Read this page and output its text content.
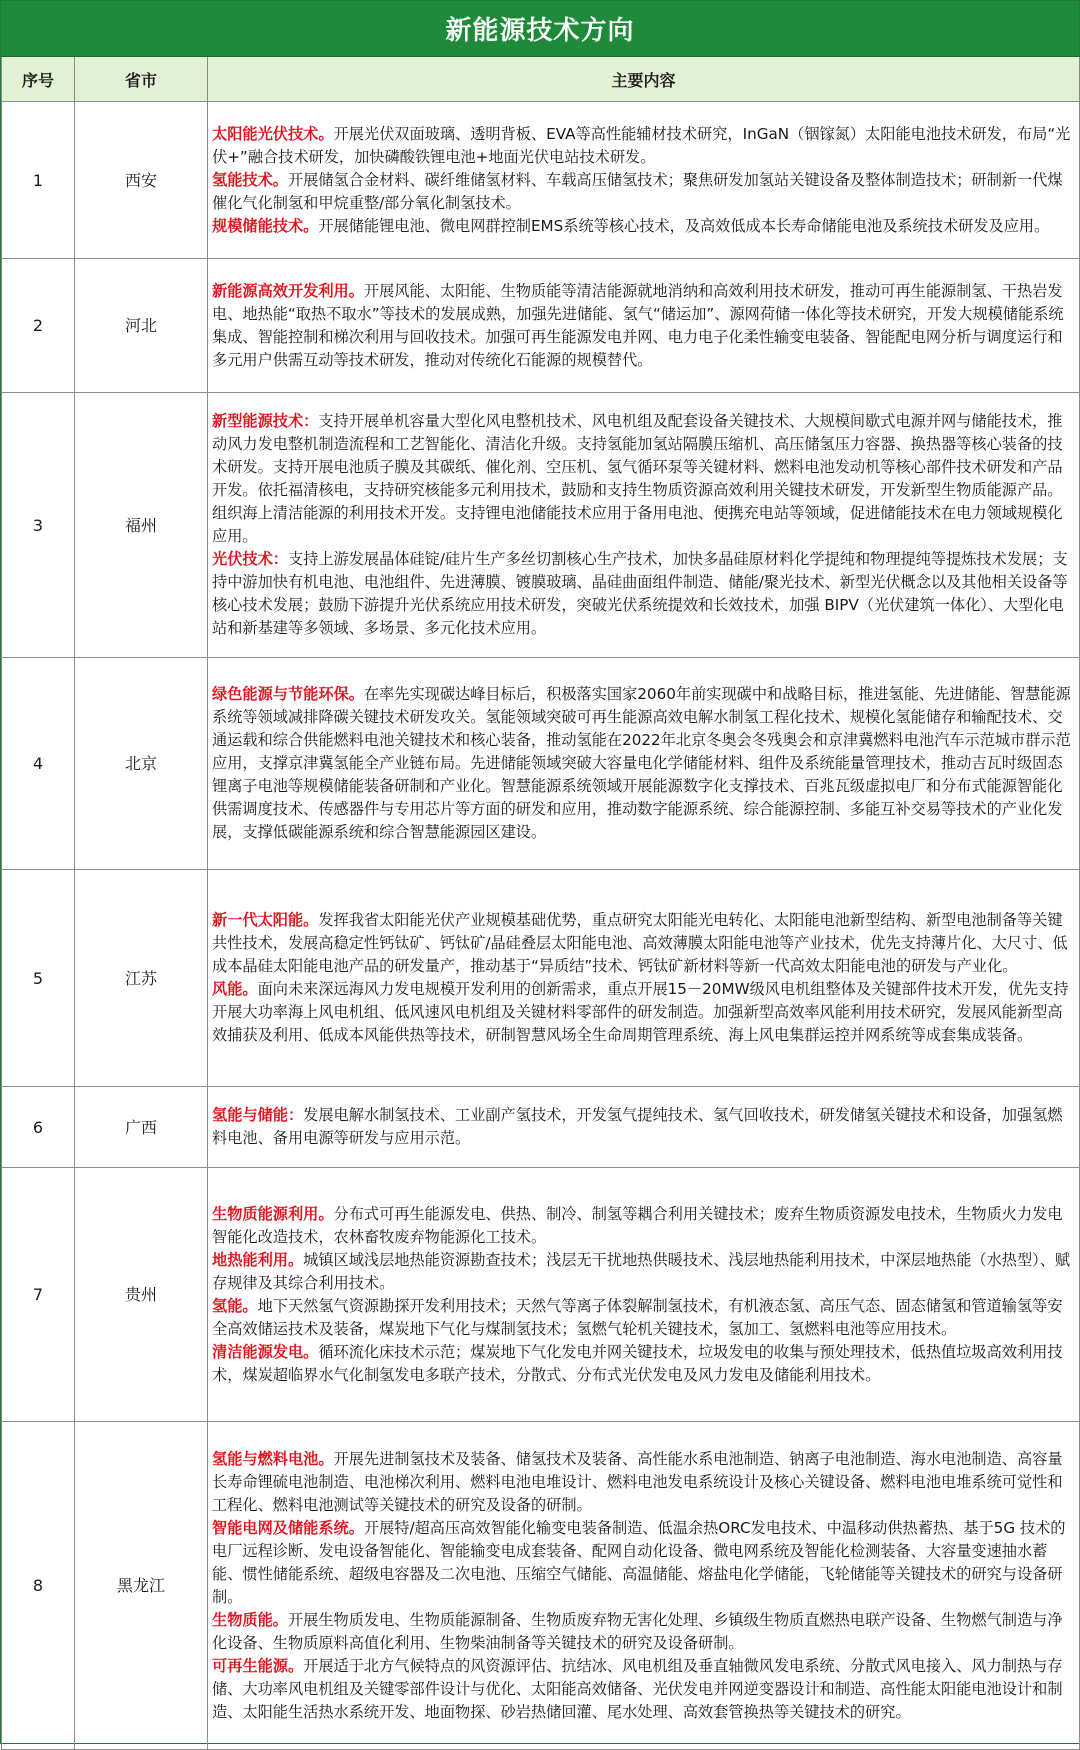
新能源技术方向
序号	省市	主要内容
1	西安	太阳能光伏技术。开展光伏双面玻璃、透明背板、EVA等高性能辅材技术研究，InGaN（铟镓氮）太阳能电池技术研发，布局“光伏+”融合技术研发，加快磷酸铁锂电池+地面光伏电站技术研发。

氢能技术。开展储氢合金材料、碳纤维储氢材料、车载高压储氢技术；聚焦研发加氢站关键设备及整体制造技术；研制新一代煤催化气化制氢和甲烷重整/部分氧化制氢技术。

规模储能技术。开展储能锂电池、微电网群控制EMS系统等核心技术，及高效低成本长寿命储能电池及系统技术研发及应用。

2	河北	新能源高效开发利用。开展风能、太阳能、生物质能等清洁能源就地消纳和高效利用技术研发，推动可再生能源制氢、干热岩发电、地热能“取热不取水”等技术的发展成熟，加强先进储能、氢气“储运加”、源网荷储一体化等技术研究，开发大规模储能系统集成、智能控制和梯次利用与回收技术。加强可再生能源发电并网、电力电子化柔性输变电装备、智能配电网分析与调度运行和多元用户供需互动等技术研发，推动对传统化石能源的规模替代。

3	福州	新型能源技术：支持开展单机容量大型化风电整机技术、风电机组及配套设备关键技术、大规模间歇式电源并网与储能技术，推动风力发电整机制造流程和工艺智能化、清洁化升级。支持氢能加氢站隔膜压缩机、高压储氢压力容器、换热器等核心装备的技术研发。支持开展电池质子膜及其碳纸、催化剂、空压机、氢气循环泵等关键材料、燃料电池发动机等核心部件技术研发和产品开发。依托福清核电，支持研究核能多元利用技术，鼓励和支持生物质资源高效利用关键技术研发，开发新型生物质能源产品。组织海上清洁能源的利用技术开发。支持锂电池储能技术应用于备用电池、便携充电站等领域，促进储能技术在电力领域规模化应用。

光伏技术：支持上游发展晶体硅锭/硅片生产多丝切割核心生产技术，加快多晶硅原材料化学提纯和物理提纯等提炼技术发展；支持中游加快有机电池、电池组件、先进薄膜、镀膜玻璃、晶硅曲面组件制造、储能/聚光技术、新型光伏概念以及其他相关设备等核心技术发展；鼓励下游提升光伏系统应用技术研发，突破光伏系统提效和长效技术，加强 BIPV（光伏建筑一体化）、大型化电站和新基建等多领域、多场景、多元化技术应用。

4	北京	绿色能源与节能环保。在率先实现碳达峰目标后，积极落实国家2060年前实现碳中和战略目标，推进氢能、先进储能、智慧能源系统等领域减排降碳关键技术研发攻关。氢能领域突破可再生能源高效电解水制氢工程化技术、规模化氢能储存和输配技术、交通运载和综合供能燃料电池关键技术和核心装备，推动氢能在2022年北京冬奥会冬残奥会和京津冀燃料电池汽车示范城市群示范应用，支撑京津冀氢能全产业链布局。先进储能领域突破大容量电化学储能材料、组件及系统能量管理技术，推动吉瓦时级固态锂离子电池等规模储能装备研制和产业化。智慧能源系统领域开展能源数字化支撑技术、百兆瓦级虚拟电厂和分布式能源智能化供需调度技术、传感器件与专用芯片等方面的研发和应用，推动数字能源系统、综合能源控制、多能互补交易等技术的产业化发展，支撑低碳能源系统和综合智慧能源园区建设。

5	江苏	新一代太阳能。发挥我省太阳能光伏产业规模基础优势，重点研究太阳能光电转化、太阳能电池新型结构、新型电池制备等关键共性技术，发展高稳定性钙钛矿、钙钛矿/晶硅叠层太阳能电池、高效薄膜太阳能电池等产业技术，优先支持薄片化、大尺寸、低成本晶硅太阳能电池产品的研发量产，推动基于“异质结”技术、钙钛矿新材料等新一代高效太阳能电池的研发与产业化。

风能。面向未来深远海风力发电规模开发利用的创新需求，重点开展15－20MW级风电机组整体及关键部件技术开发，优先支持开展大功率海上风电机组、低风速风电机组及关键材料零部件的研发制造。加强新型高效率风能利用技术研究，发展风能新型高效捕获及利用、低成本风能供热等技术，研制智慧风场全生命周期管理系统、海上风电集群运控并网系统等成套集成装备。

6	广西	氢能与储能：发展电解水制氢技术、工业副产氢技术，开发氢气提纯技术、氢气回收技术，研发储氢关键技术和设备，加强氢燃料电池、备用电源等研发与应用示范。

7	贵州	生物质能源利用。分布式可再生能源发电、供热、制冷、制氢等耦合利用关键技术；废弃生物质资源发电技术，生物质火力发电智能化改造技术，农林畜牧废弃物能源化工技术。

地热能利用。城镇区域浅层地热能资源勘查技术；浅层无干扰地热供暖技术、浅层地热能利用技术，中深层地热能（水热型）、赋存规律及其综合利用技术。

氢能。地下天然氢气资源勘探开发利用技术；天然气等离子体裂解制氢技术，有机液态氢、高压气态、固态储氢和管道输氢等安全高效储运技术及装备，煤炭地下气化与煤制氢技术；氢燃气轮机关键技术，氢加工、氢燃料电池等应用技术。

清洁能源发电。循环流化床技术示范；煤炭地下气化发电并网关键技术，垃圾发电的收集与预处理技术，低热值垃圾高效利用技术，煤炭超临界水气化制氢发电多联产技术，分散式、分布式光伏发电及风力发电及储能利用技术。

8	黑龙江	氢能与燃料电池。开展先进制氢技术及装备、储氢技术及装备、高性能水系电池制造、钠离子电池制造、海水电池制造、高容量长寿命锂硫电池制造、电池梯次利用、燃料电池电堆设计、燃料电池发电系统设计及核心关键设备、燃料电池电堆系统可觉性和工程化、燃料电池测试等关键技术的研究及设备的研制。

智能电网及储能系统。开展特/超高压高效智能化输变电装备制造、低温余热ORC发电技术、中温移动供热蓄热、基于5G 技术的电厂远程诊断、发电设备智能化、智能输变电成套装备、配网自动化设备、微电网系统及智能化检测装备、大容量变速抽水蓄能、惯性储能系统、超级电容器及二次电池、压缩空气储能、高温储能、熔盐电化学储能，飞轮储能等关键技术的研究与设备研制。

生物质能。开展生物质发电、生物质能源制备、生物质废弃物无害化处理、乡镇级生物质直燃热电联产设备、生物燃气制造与净化设备、生物质原料高值化利用、生物柴油制备等关键技术的研究及设备研制。

可再生能源。开展适于北方气候特点的风资源评估、抗结冰、风电机组及垂直轴微风发电系统、分散式风电接入、风力制热与存储、大功率风电机组及关键零部件设计与优化、太阳能高效储备、光伏发电并网逆变器设计和制造、高性能太阳能电池设计和制造、太阳能生活热水系统开发、地面物探、砂岩热储回灌、尾水处理、高效套管换热等关键技术的研究。
